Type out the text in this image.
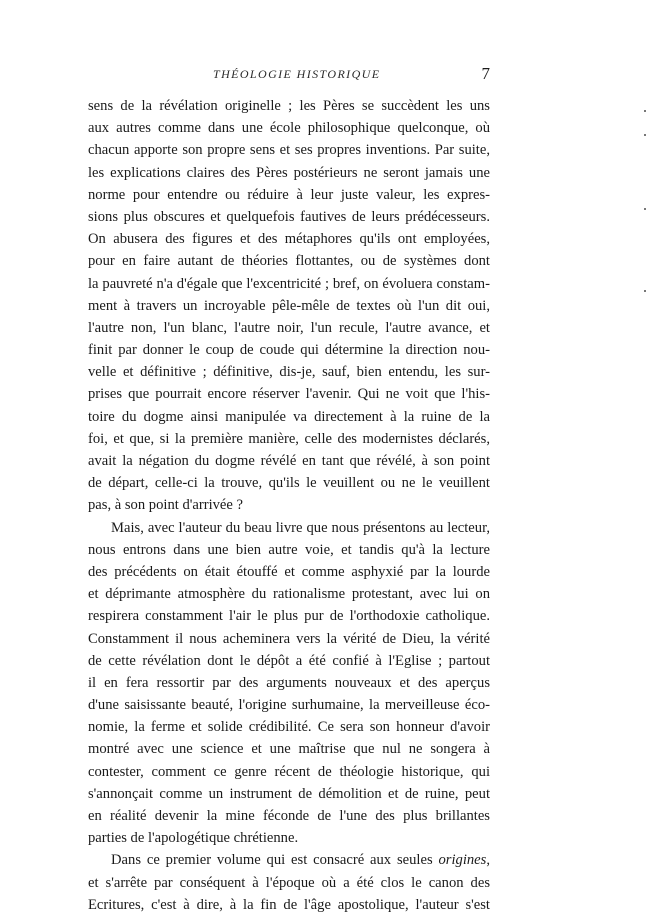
THÉOLOGIE HISTORIQUE	7
sens de la révélation originelle ; les Pères se succèdent les uns
aux autres comme dans une école philosophique quelconque, où
chacun apporte son propre sens et ses propres inventions. Par suite,
les explications claires des Pères postérieurs ne seront jamais une
norme pour entendre ou réduire à leur juste valeur, les expres-
sions plus obscures et quelquefois fautives de leurs prédécesseurs.
On abusera des figures et des métaphores qu'ils ont employées,
pour en faire autant de théories flottantes, ou de systèmes dont
la pauvreté n'a d'égale que l'excentricité ; bref, on évoluera constam-
ment à travers un incroyable pêle-mêle de textes où l'un dit oui,
l'autre non, l'un blanc, l'autre noir, l'un recule, l'autre avance, et
finit par donner le coup de coude qui détermine la direction nou-
velle et définitive ; définitive, dis-je, sauf, bien entendu, les sur-
prises que pourrait encore réserver l'avenir. Qui ne voit que l'his-
toire du dogme ainsi manipulée va directement à la ruine de la
foi, et que, si la première manière, celle des modernistes déclarés,
avait la négation du dogme révélé en tant que révélé, à son point
de départ, celle-ci la trouve, qu'ils le veuillent ou ne le veuillent
pas, à son point d'arrivée ?
Mais, avec l'auteur du beau livre que nous présentons au lecteur,
nous entrons dans une bien autre voie, et tandis qu'à la lecture
des précédents on était étouffé et comme asphyxié par la lourde
et déprimante atmosphère du rationalisme protestant, avec lui on
respirera constamment l'air le plus pur de l'orthodoxie catholique.
Constamment il nous acheminera vers la vérité de Dieu, la vérité
de cette révélation dont le dépôt a été confié à l'Eglise ; partout
il en fera ressortir par des arguments nouveaux et des aperçus
d'une saisissante beauté, l'origine surhumaine, la merveilleuse éco-
nomie, la ferme et solide crédibilité. Ce sera son honneur d'avoir
montré avec une science et une maîtrise que nul ne songera à
contester, comment ce genre récent de théologie historique, qui
s'annonçait comme un instrument de démolition et de ruine, peut
en réalité devenir la mine féconde de l'une des plus brillantes
parties de l'apologétique chrétienne.
Dans ce premier volume qui est consacré aux seules origines,
et s'arrête par conséquent à l'époque où a été clos le canon des
Ecritures, c'est à dire, à la fin de l'âge apostolique, l'auteur s'est
